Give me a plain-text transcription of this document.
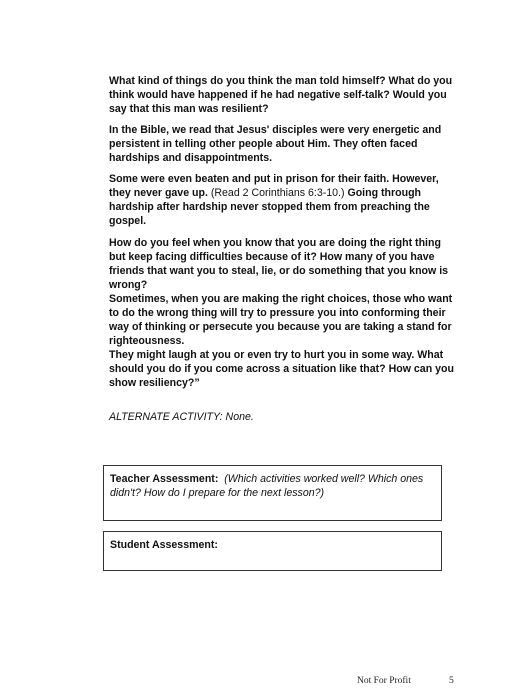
What kind of things do you think the man told himself? What do you think would have happened if he had negative self-talk? Would you say that this man was resilient?

In the Bible, we read that Jesus' disciples were very energetic and persistent in telling other people about Him. They often faced hardships and disappointments.

Some were even beaten and put in prison for their faith. However, they never gave up. (Read 2 Corinthians 6:3-10.) Going through hardship after hardship never stopped them from preaching the gospel.

How do you feel when you know that you are doing the right thing but keep facing difficulties because of it? How many of you have friends that want you to steal, lie, or do something that you know is wrong?

Sometimes, when you are making the right choices, those who want to do the wrong thing will try to pressure you into conforming their way of thinking or persecute you because you are taking a stand for righteousness.

They might laugh at you or even try to hurt you in some way. What should you do if you come across a situation like that? How can you show resiliency?”

ALTERNATE ACTIVITY: None.

Teacher Assessment: (Which activities worked well? Which ones didn't? How do I prepare for the next lesson?)
Student Assessment:
Not For Profit	5
